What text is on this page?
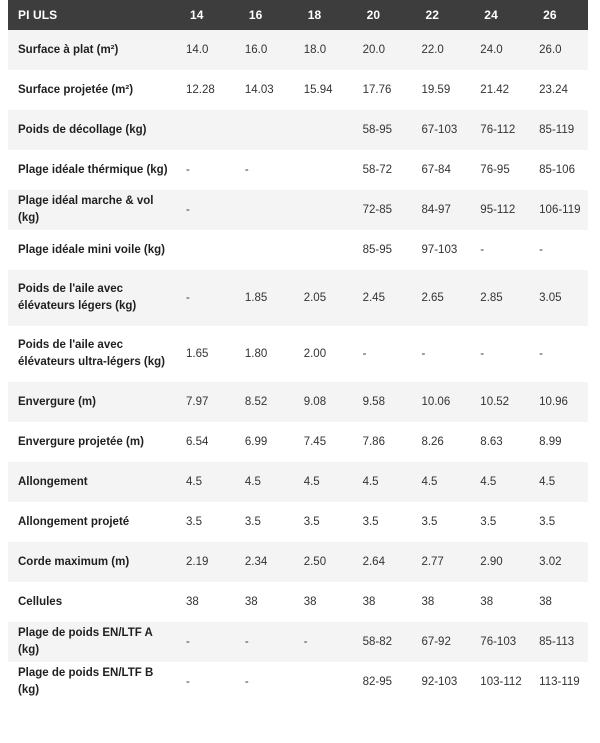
PI ULS	14	16	18	20	22	24	26
Surface à plat (m²)	14.0	16.0	18.0	20.0	22.0	24.0	26.0
Surface projetée (m²)	12.28	14.03	15.94	17.76	19.59	21.42	23.24
Poids de décollage (kg)				58-95	67-103	76-112	85-119
Plage idéale thérmique (kg)	-	-		58-72	67-84	76-95	85-106
Plage idéal marche & vol (kg)	-			72-85	84-97	95-112	106-119
Plage idéale mini voile (kg)				85-95	97-103	-	-
Poids de l'aile avec élévateurs légers (kg)	-	1.85	2.05	2.45	2.65	2.85	3.05
Poids de l'aile avec élévateurs ultra-légers (kg)	1.65	1.80	2.00	-	-	-	-
Envergure (m)	7.97	8.52	9.08	9.58	10.06	10.52	10.96
Envergure projetée (m)	6.54	6.99	7.45	7.86	8.26	8.63	8.99
Allongement	4.5	4.5	4.5	4.5	4.5	4.5	4.5
Allongement projeté	3.5	3.5	3.5	3.5	3.5	3.5	3.5
Corde maximum (m)	2.19	2.34	2.50	2.64	2.77	2.90	3.02
Cellules	38	38	38	38	38	38	38
Plage de poids EN/LTF A (kg)	-	-	-	58-82	67-92	76-103	85-113
Plage de poids EN/LTF B (kg)	-	-		82-95	92-103	103-112	113-119
